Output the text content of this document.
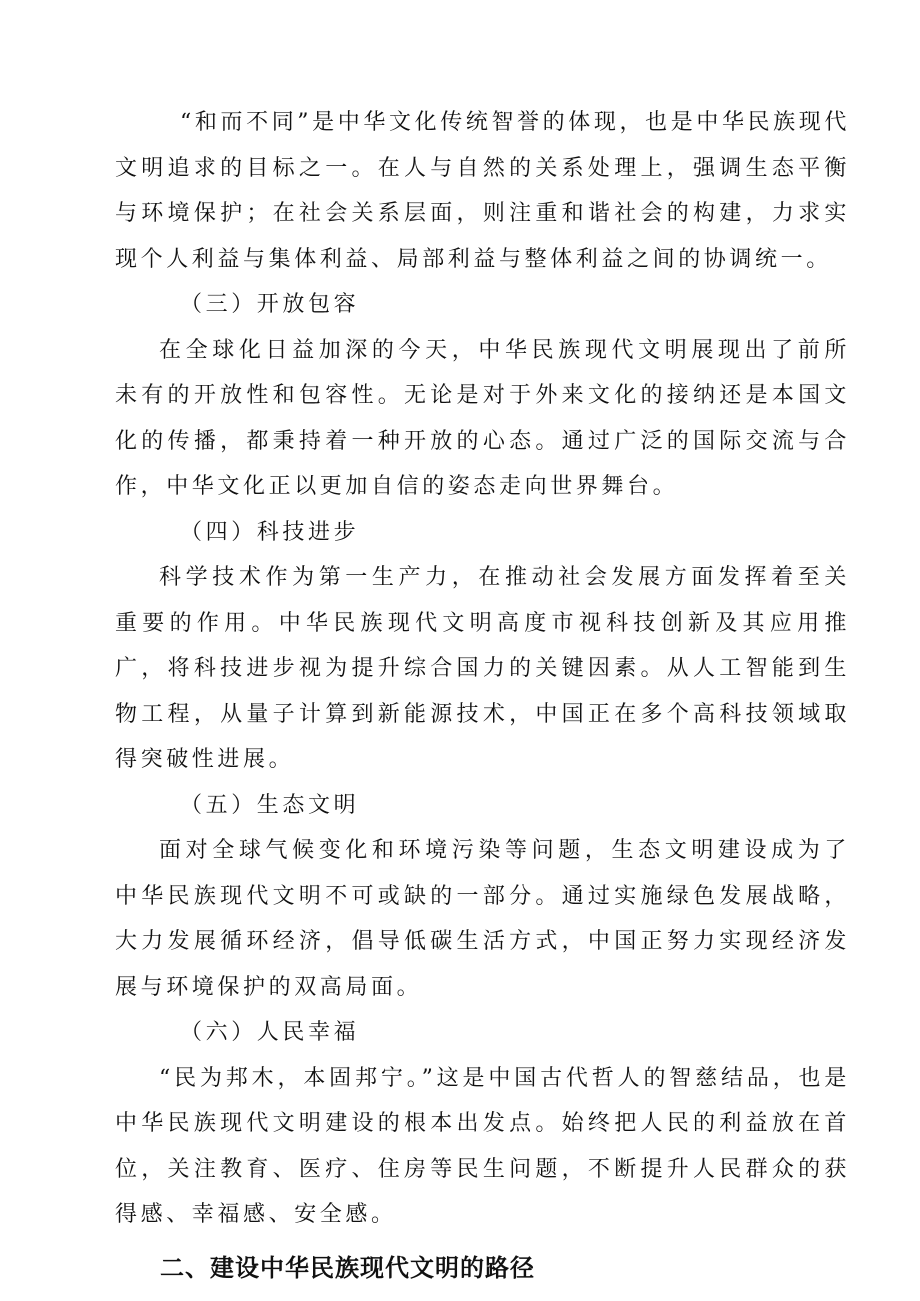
“和而不同”是中华文化传统智誉的体现，也是中华民族现代文明追求的目标之一。在人与自然的关系处理上，强调生态平衡与环境保护；在社会关系层面，则注重和谐社会的构建，力求实现个人利益与集体利益、局部利益与整体利益之间的协调统一。

（三）开放包容

在全球化日益加深的今天，中华民族现代文明展现出了前所未有的开放性和包容性。无论是对于外来文化的接纳还是本国文化的传播，都秉持着一种开放的心态。通过广泛的国际交流与合作，中华文化正以更加自信的姿态走向世界舞台。

（四）科技进步

科学技术作为第一生产力，在推动社会发展方面发挥着至关重要的作用。中华民族现代文明高度市视科技创新及其应用推广，将科技进步视为提升综合国力的关键因素。从人工智能到生物工程，从量子计算到新能源技术，中国正在多个高科技领域取得突破性进展。

（五）生态文明

面对全球气候变化和环境污染等问题，生态文明建设成为了中华民族现代文明不可或缺的一部分。通过实施绿色发展战略，大力发展循环经济，倡导低碳生活方式，中国正努力实现经济发展与环境保护的双高局面。

（六）人民幸福

“民为邦木，本固邦宁。”这是中国古代哲人的智慈结品，也是中华民族现代文明建设的根本出发点。始终把人民的利益放在首位，关注教育、医疗、住房等民生问题，不断提升人民群众的获得感、幸福感、安全感。

二、建设中华民族现代文明的路径
